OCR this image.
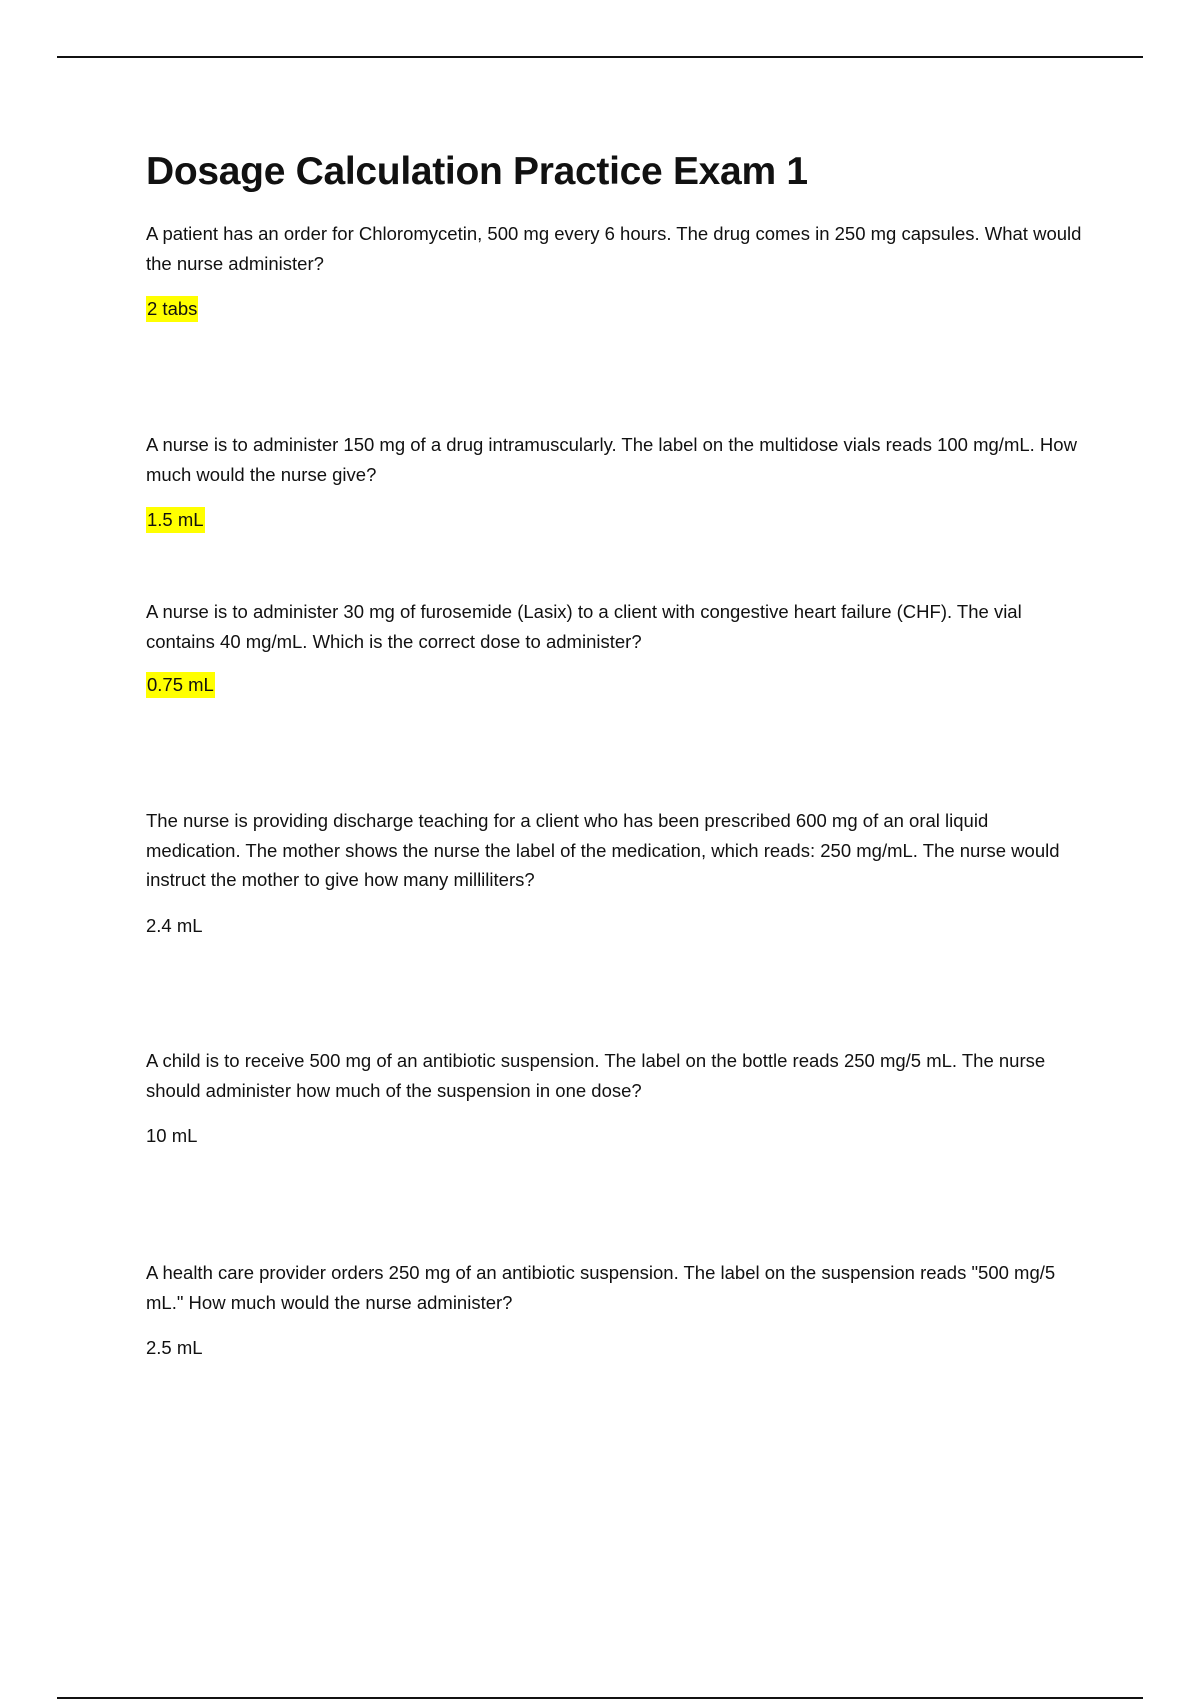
Dosage Calculation Practice Exam 1

A patient has an order for Chloromycetin, 500 mg every 6 hours. The drug comes in 250 mg capsules. What would the nurse administer?

2 tabs

A nurse is to administer 150 mg of a drug intramuscularly. The label on the multidose vials reads 100 mg/mL. How much would the nurse give?

1.5 mL

A nurse is to administer 30 mg of furosemide (Lasix) to a client with congestive heart failure (CHF). The vial contains 40 mg/mL. Which is the correct dose to administer?

0.75 mL

The nurse is providing discharge teaching for a client who has been prescribed 600 mg of an oral liquid medication. The mother shows the nurse the label of the medication, which reads: 250 mg/mL. The nurse would instruct the mother to give how many milliliters?

2.4 mL

A child is to receive 500 mg of an antibiotic suspension. The label on the bottle reads 250 mg/5 mL. The nurse should administer how much of the suspension in one dose?

10 mL

A health care provider orders 250 mg of an antibiotic suspension. The label on the suspension reads "500 mg/5 mL." How much would the nurse administer?

2.5 mL
